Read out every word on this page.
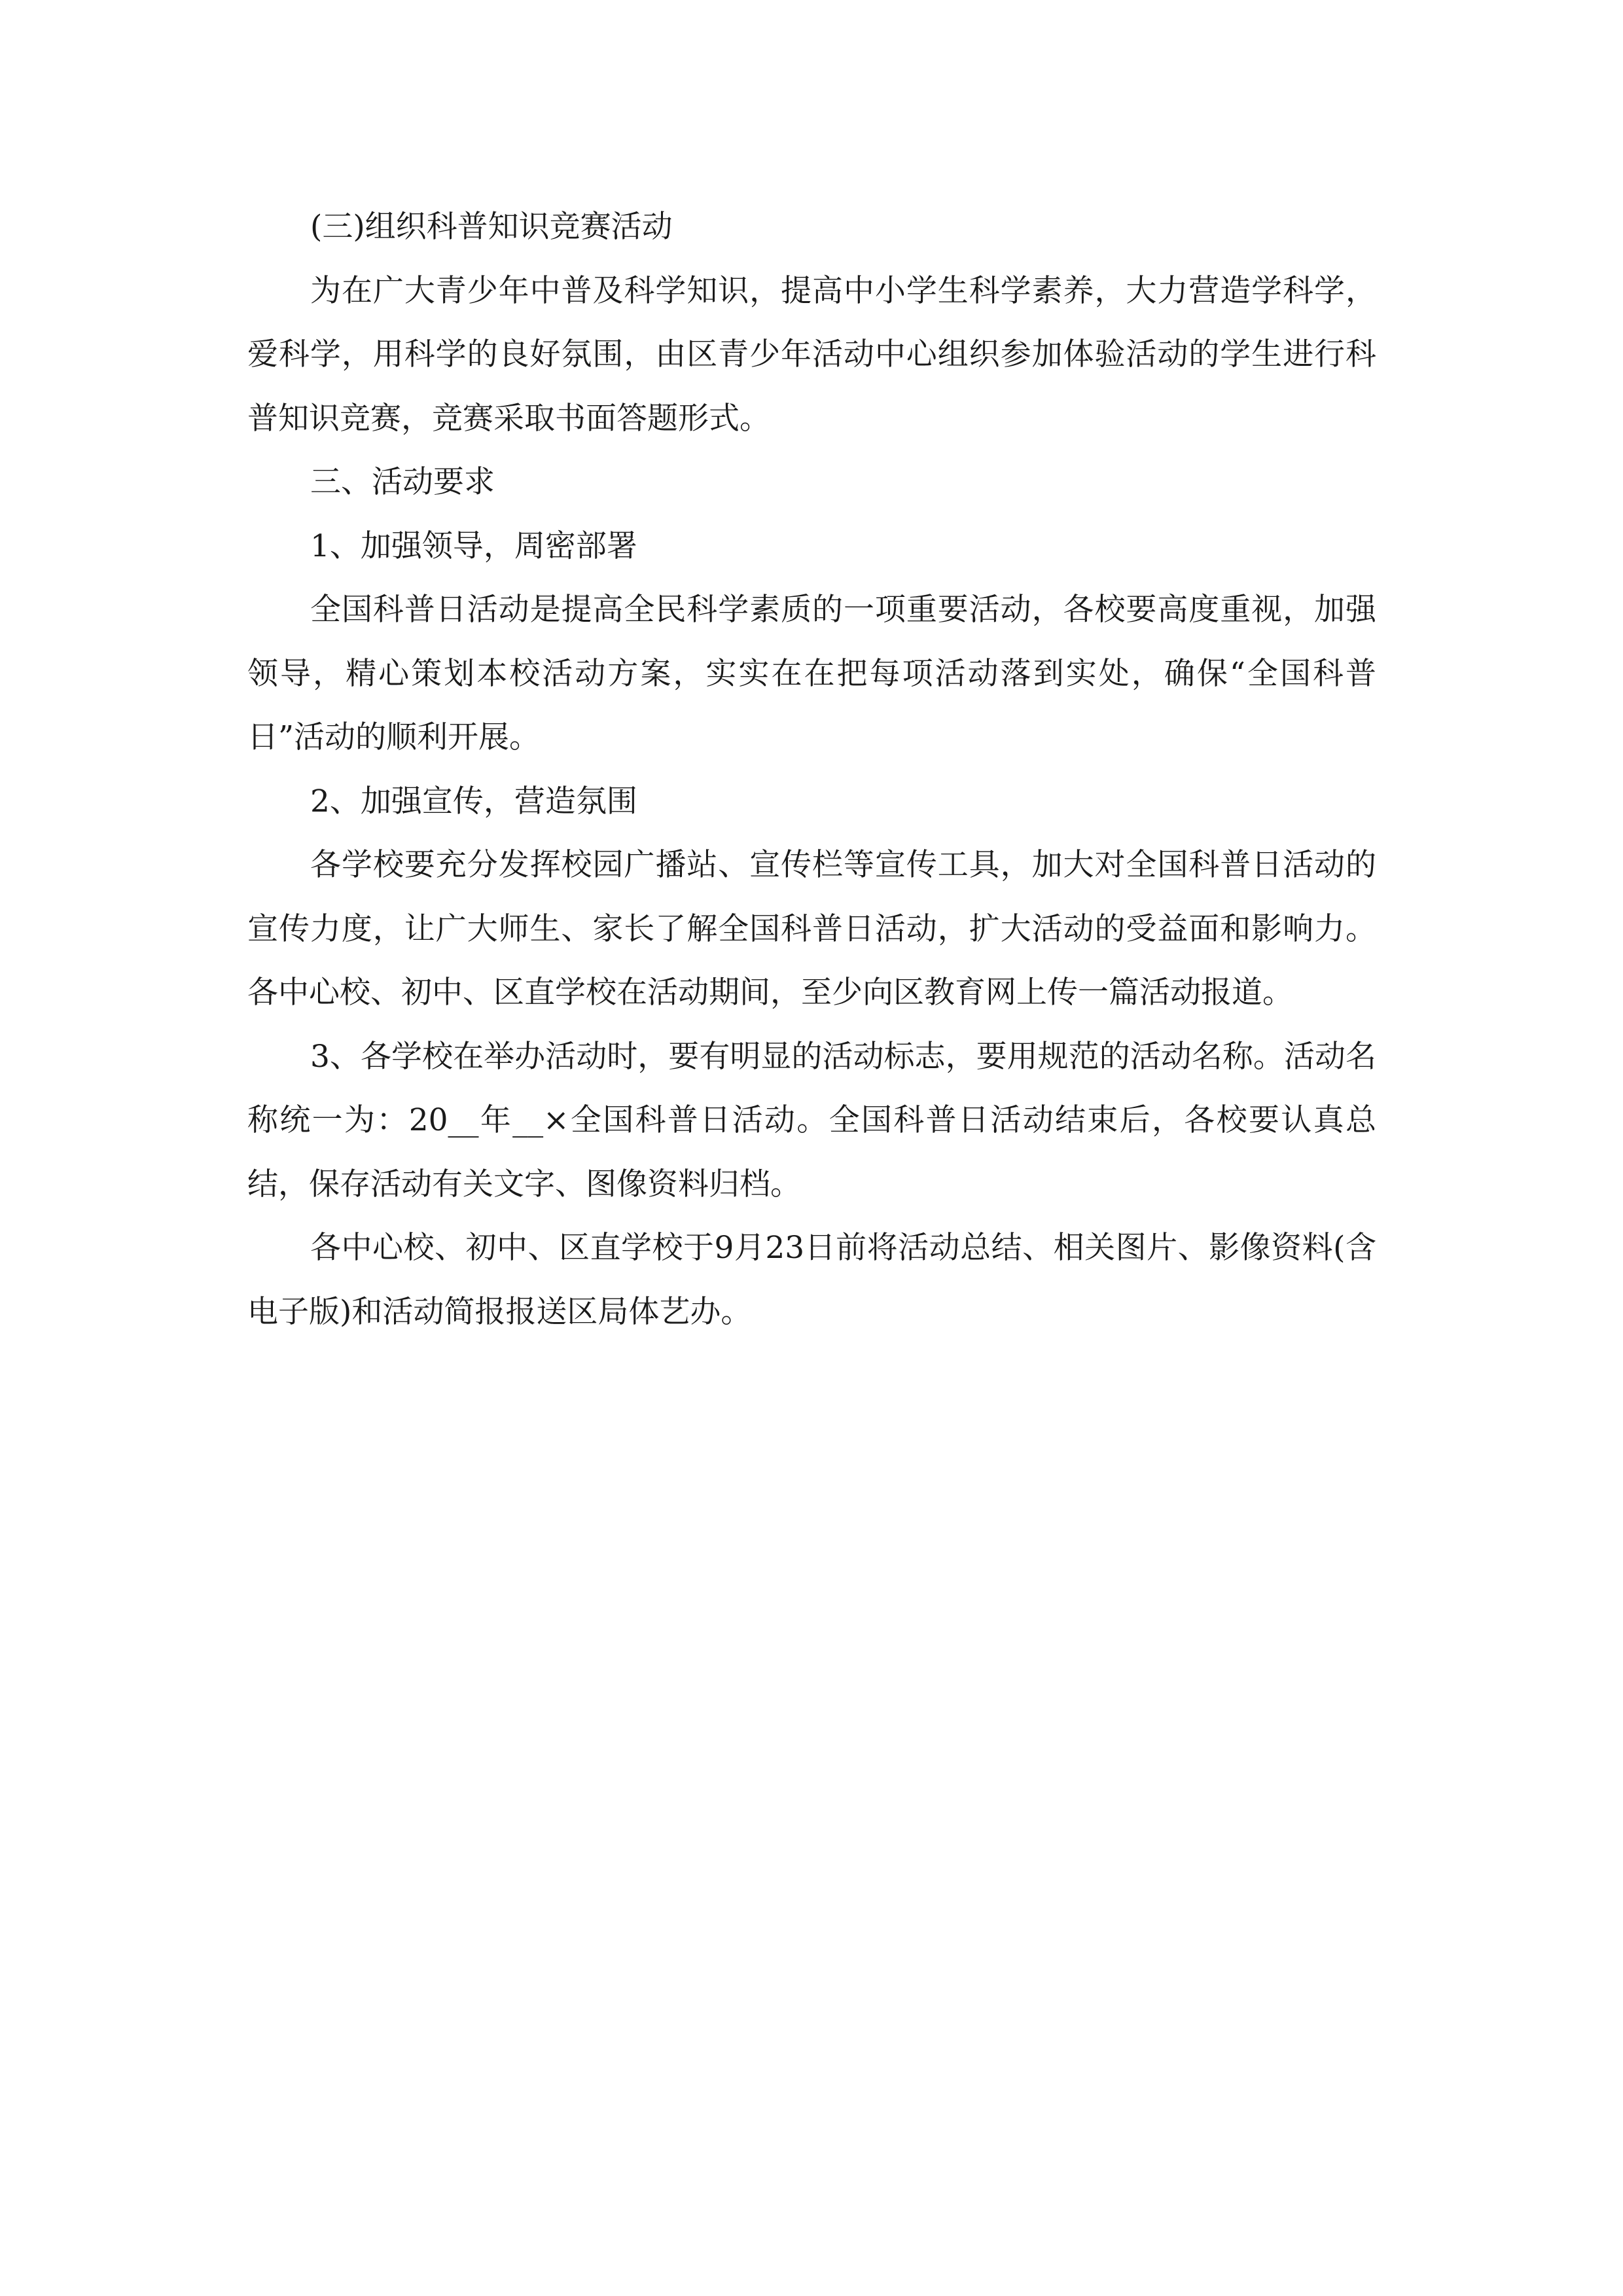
(三)组织科普知识竞赛活动

为在广大青少年中普及科学知识，提高中小学生科学素养，大力营造学科学，爱科学，用科学的良好氛围，由区青少年活动中心组织参加体验活动的学生进行科普知识竞赛，竞赛采取书面答题形式。

三、活动要求

1、加强领导，周密部署

全国科普日活动是提高全民科学素质的一项重要活动，各校要高度重视，加强领导，精心策划本校活动方案，实实在在把每项活动落到实处，确保“全国科普日”活动的顺利开展。

2、加强宣传，营造氛围

各学校要充分发挥校园广播站、宣传栏等宣传工具，加大对全国科普日活动的宣传力度，让广大师生、家长了解全国科普日活动，扩大活动的受益面和影响力。各中心校、初中、区直学校在活动期间，至少向区教育网上传一篇活动报道。

3、各学校在举办活动时，要有明显的活动标志，要用规范的活动名称。活动名称统一为：20__年__×全国科普日活动。全国科普日活动结束后，各校要认真总结，保存活动有关文字、图像资料归档。

各中心校、初中、区直学校于9月23日前将活动总结、相关图片、影像资料(含电子版)和活动简报报送区局体艺办。
